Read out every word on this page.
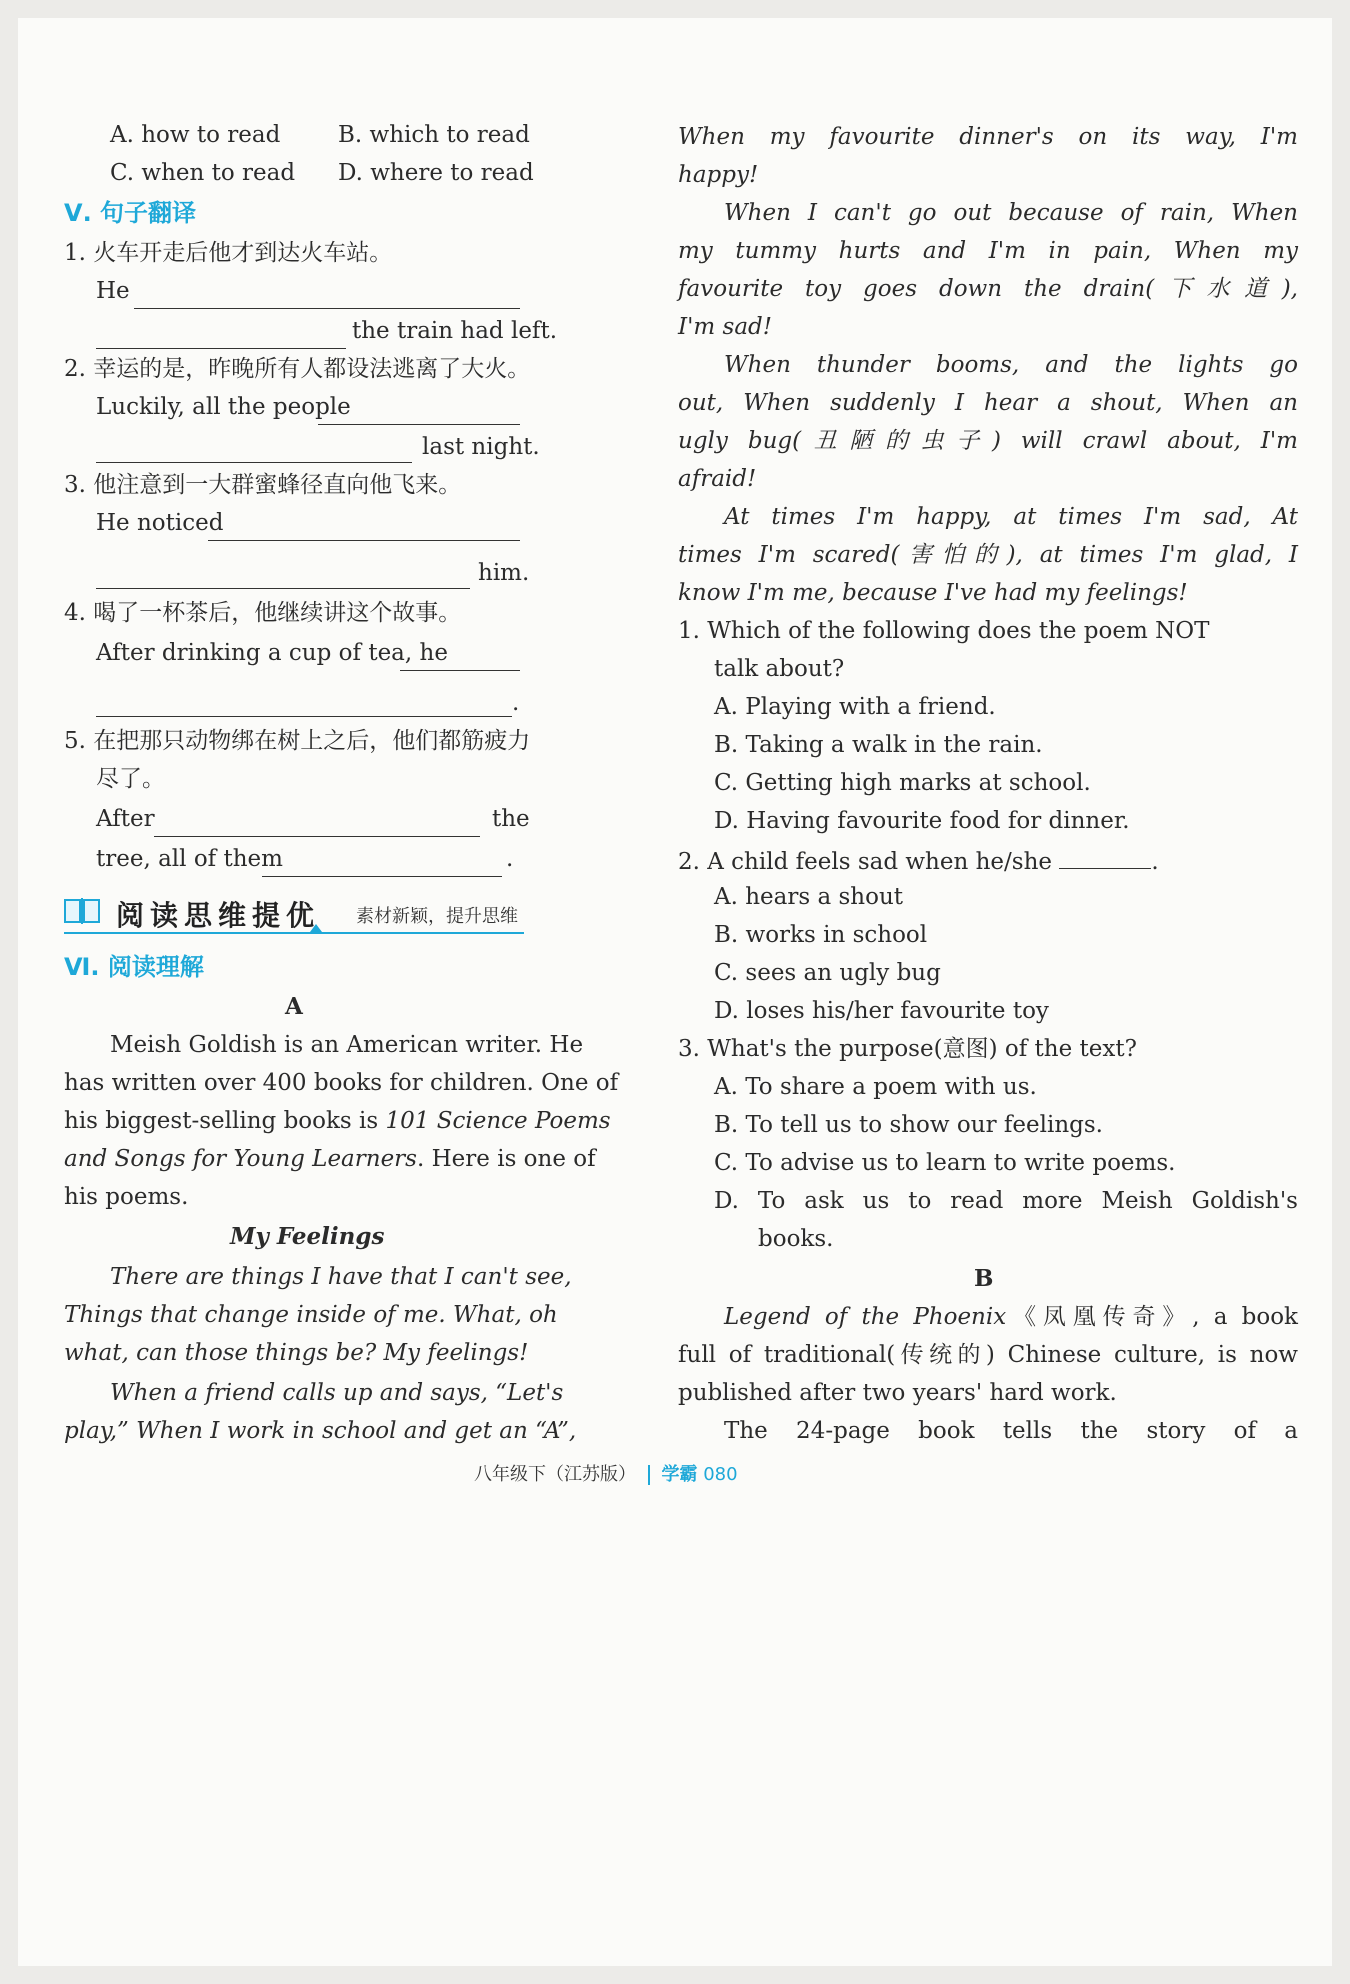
A. how to read	B. which to read
C. when to read D. where to read
Ⅴ. 句子翻译
1. 火车开走后他才到达火车站。
He
the train had left.
2. 幸运的是，昨晚所有人都设法逃离了大火。
Luckily, all the people
last night.
3. 他注意到一大群蜜蜂径直向他飞来。
He noticed
him.
4. 喝了一杯茶后，他继续讲这个故事。
After drinking a cup of tea, he
.
5. 在把那只动物绑在树上之后，他们都筋疲力
尽了。
After	the
tree, all of them	.
阅读思维提优 素材新颖，提升思维
Ⅵ. 阅读理解
A
Meish Goldish is an American writer. He
has written over 400 books for children. One of
his biggest-selling books is 101 Science Poems
and Songs for Young Learners. Here is one of
his poems.
My Feelings
There are things I have that I can't see,
Things that change inside of me. What, oh
what, can those things be? My feelings!
When a friend calls up and says, “Let's
play,” When I work in school and get an “A”,
When my favourite dinner's on its way, I'm
happy!
When I can't go out because of rain, When
my tummy hurts and I'm in pain, When my
favourite toy goes down the drain(下水道),
I'm sad!
When thunder booms, and the lights go
out, When suddenly I hear a shout, When an
ugly bug(丑陋的虫子) will crawl about, I'm
afraid!
At times I'm happy, at times I'm sad, At
times I'm scared(害怕的), at times I'm glad, I
know I'm me, because I've had my feelings!
1. Which of the following does the poem NOT
talk about?
A. Playing with a friend.
B. Taking a walk in the rain.
C. Getting high marks at school.
D. Having favourite food for dinner.
2. A child feels sad when he/she	.
A. hears a shout
B. works in school
C. sees an ugly bug
D. loses his/her favourite toy
3. What's the purpose(意图) of the text?
A. To share a poem with us.
B. To tell us to show our feelings.
C. To advise us to learn to write poems.
D. To ask us to read more Meish Goldish's
books.
B
Legend of the Phoenix《凤凰传奇》, a book
full of traditional(传统的) Chinese culture, is now
published after two years' hard work.
The 24-page book tells the story of a
八年级下（江苏版） 学霸 080
